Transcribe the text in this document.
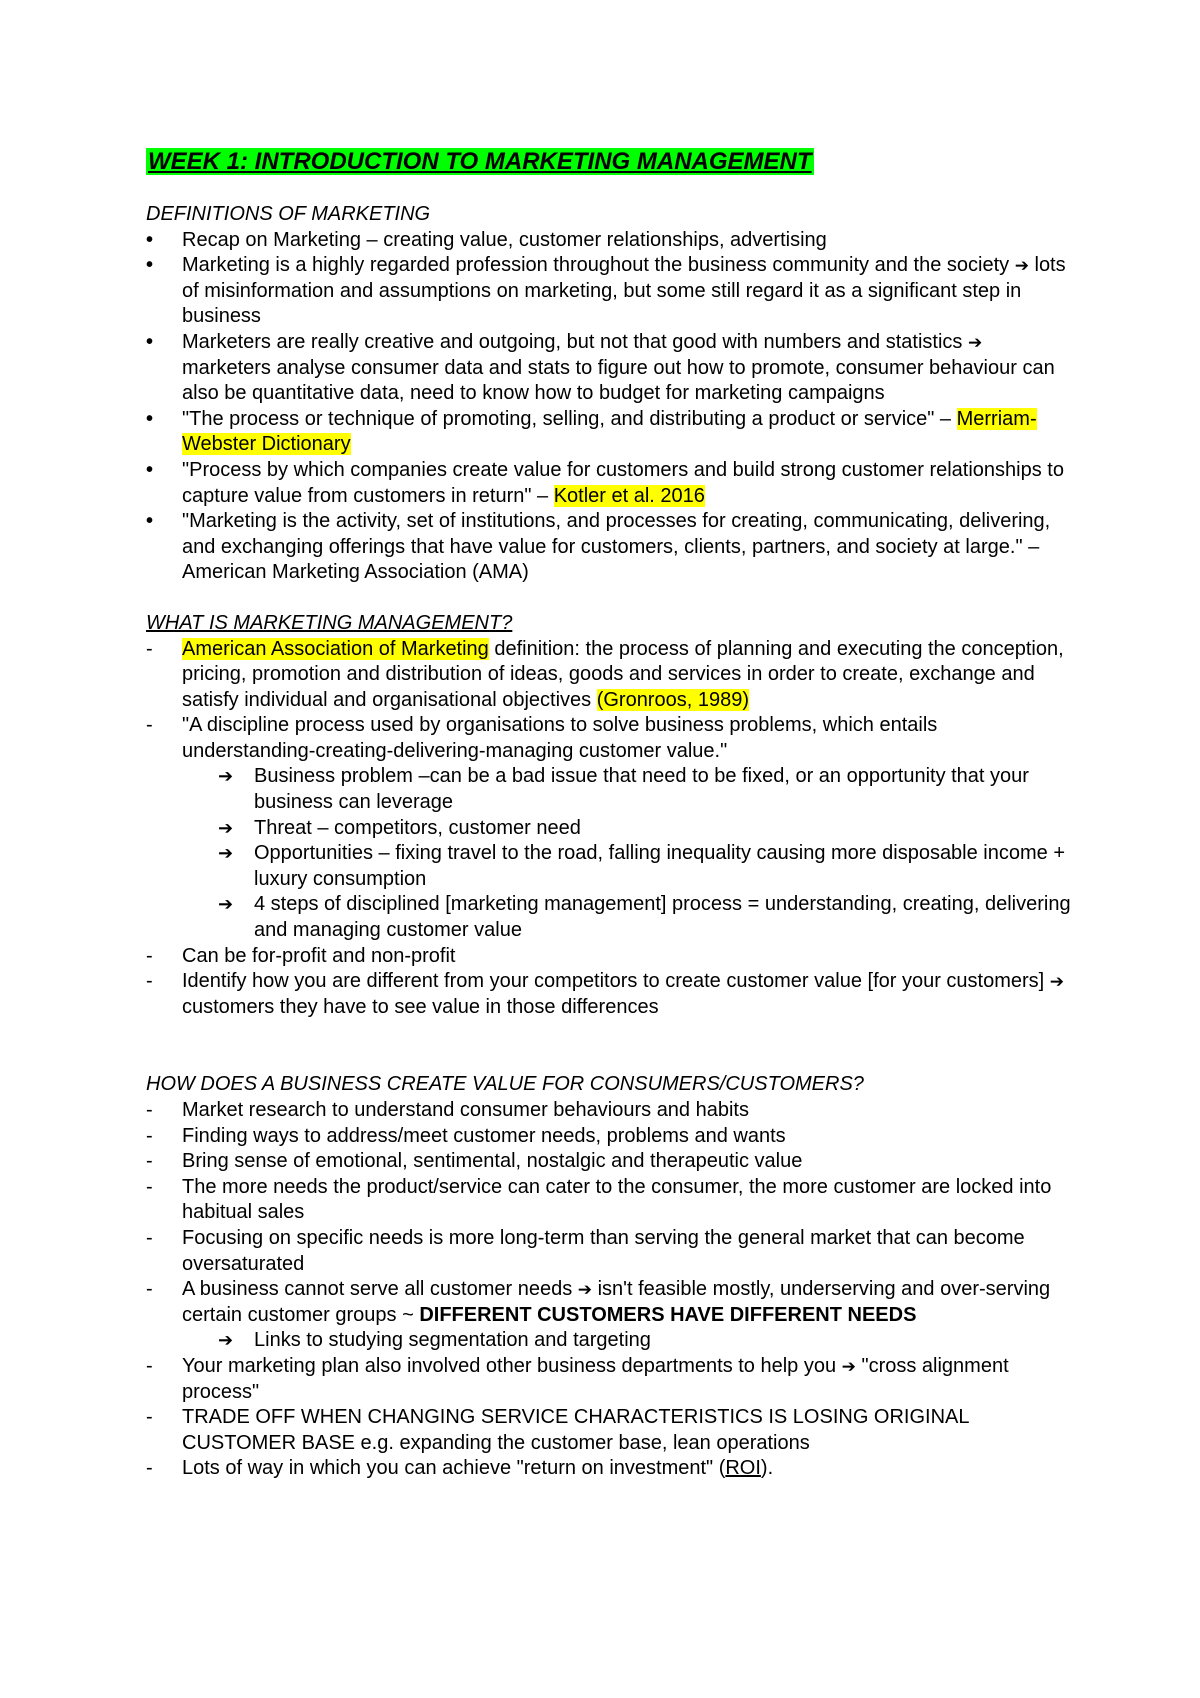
WEEK 1: INTRODUCTION TO MARKETING MANAGEMENT

DEFINITIONS OF MARKETING

•
Recap on Marketing – creating value, customer relationships, advertising
•
Marketing is a highly regarded profession throughout the business community and the society ➔ lots of misinformation and assumptions on marketing, but some still regard it as a significant step in business
•
Marketers are really creative and outgoing, but not that good with numbers and statistics ➔ marketers analyse consumer data and stats to figure out how to promote, consumer behaviour can also be quantitative data, need to know how to budget for marketing campaigns
•
"The process or technique of promoting, selling, and distributing a product or service" – Merriam-Webster Dictionary
•
"Process by which companies create value for customers and build strong customer relationships to capture value from customers in return" – Kotler et al. 2016
•
"Marketing is the activity, set of institutions, and processes for creating, communicating, delivering, and exchanging offerings that have value for customers, clients, partners, and society at large." – American Marketing Association (AMA)

WHAT IS MARKETING MANAGEMENT?

-
American Association of Marketing definition: the process of planning and executing the conception, pricing, promotion and distribution of ideas, goods and services in order to create, exchange and satisfy individual and organisational objectives (Gronroos, 1989)
-
"A discipline process used by organisations to solve business problems, which entails understanding-creating-delivering-managing customer value."
➔
Business problem –can be a bad issue that need to be fixed, or an opportunity that your business can leverage
➔
Threat – competitors, customer need
➔
Opportunities – fixing travel to the road, falling inequality causing more disposable income + luxury consumption
➔
4 steps of disciplined [marketing management] process = understanding, creating, delivering and managing customer value
-
Can be for-profit and non-profit
-
Identify how you are different from your competitors to create customer value [for your customers] ➔ customers they have to see value in those differences

HOW DOES A BUSINESS CREATE VALUE FOR CONSUMERS/CUSTOMERS?

-
Market research to understand consumer behaviours and habits
-
Finding ways to address/meet customer needs, problems and wants
-
Bring sense of emotional, sentimental, nostalgic and therapeutic value
-
The more needs the product/service can cater to the consumer, the more customer are locked into habitual sales
-
Focusing on specific needs is more long-term than serving the general market that can become oversaturated
-
A business cannot serve all customer needs ➔ isn't feasible mostly, underserving and over-serving certain customer groups ~ DIFFERENT CUSTOMERS HAVE DIFFERENT NEEDS
➔
Links to studying segmentation and targeting
-
Your marketing plan also involved other business departments to help you ➔ "cross alignment process"
-
TRADE OFF WHEN CHANGING SERVICE CHARACTERISTICS IS LOSING ORIGINAL CUSTOMER BASE e.g. expanding the customer base, lean operations
-
Lots of way in which you can achieve "return on investment" (ROI).
